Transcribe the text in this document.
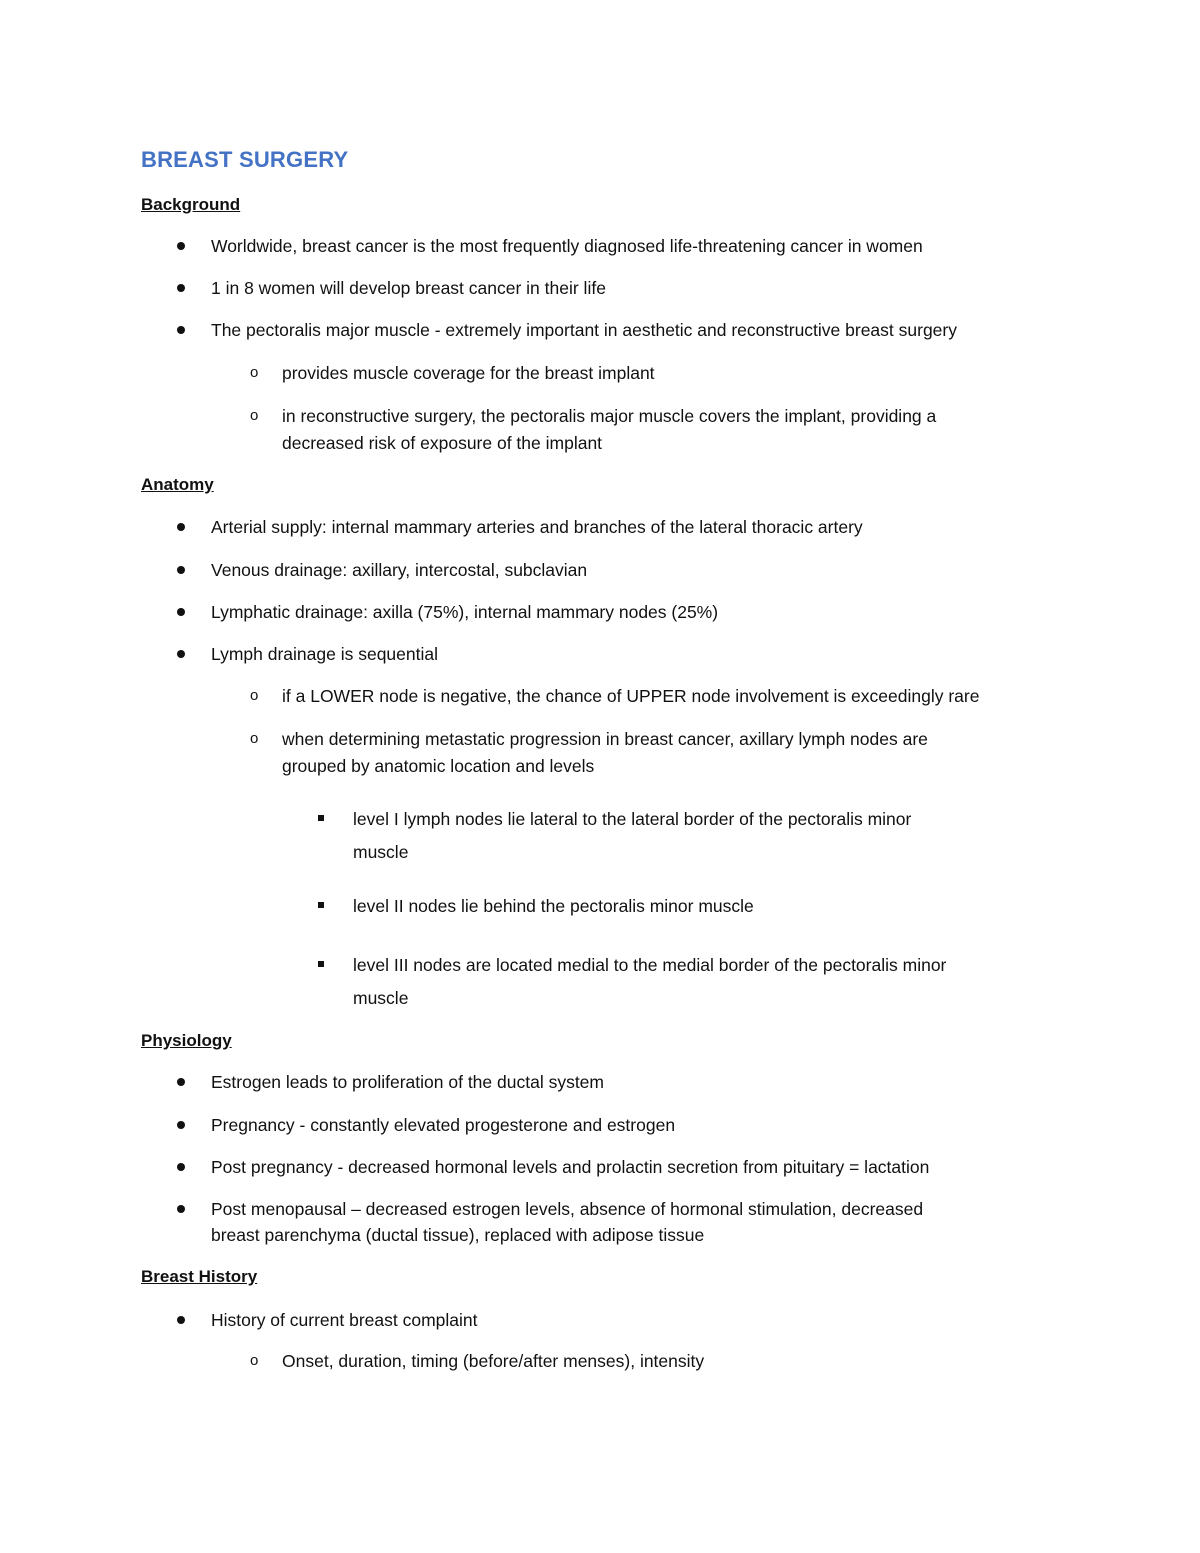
BREAST SURGERY
Background
Worldwide, breast cancer is the most frequently diagnosed life-threatening cancer in women
1 in 8 women will develop breast cancer in their life
The pectoralis major muscle - extremely important in aesthetic and reconstructive breast surgery
o provides muscle coverage for the breast implant
o in reconstructive surgery, the pectoralis major muscle covers the implant, providing a
decreased risk of exposure of the implant
Anatomy
Arterial supply: internal mammary arteries and branches of the lateral thoracic artery
Venous drainage: axillary, intercostal, subclavian
Lymphatic drainage: axilla (75%), internal mammary nodes (25%)
Lymph drainage is sequential
o if a LOWER node is negative, the chance of UPPER node involvement is exceedingly rare
o when determining metastatic progression in breast cancer, axillary lymph nodes are
grouped by anatomic location and levels
level I lymph nodes lie lateral to the lateral border of the pectoralis minor
muscle
level II nodes lie behind the pectoralis minor muscle
level III nodes are located medial to the medial border of the pectoralis minor
muscle
Physiology
Estrogen leads to proliferation of the ductal system
Pregnancy - constantly elevated progesterone and estrogen
Post pregnancy - decreased hormonal levels and prolactin secretion from pituitary = lactation
Post menopausal – decreased estrogen levels, absence of hormonal stimulation, decreased
breast parenchyma (ductal tissue), replaced with adipose tissue
Breast History
History of current breast complaint
o Onset, duration, timing (before/after menses), intensity
